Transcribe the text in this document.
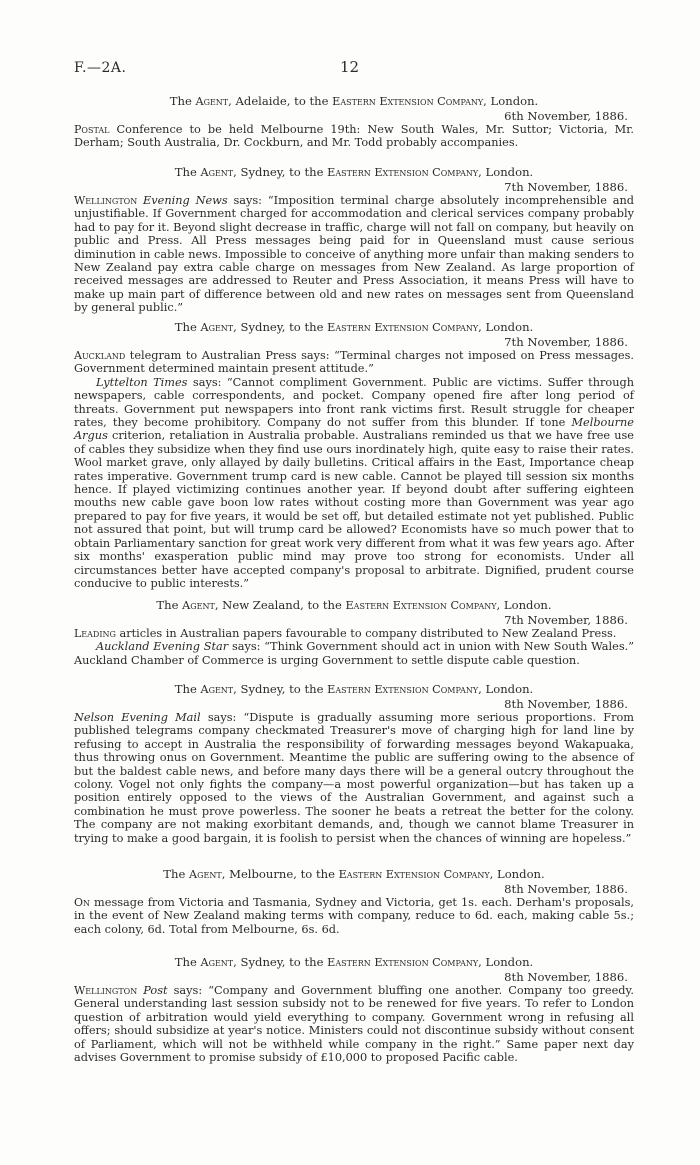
F.—2A.	12
The Agent, Adelaide, to the Eastern Extension Company, London.
6th November, 1886.

Postal Conference to be held Melbourne 19th: New South Wales, Mr. Suttor; Victoria, Mr. Derham; South Australia, Dr. Cockburn, and Mr. Todd probably accompanies.

The Agent, Sydney, to the Eastern Extension Company, London.
7th November, 1886.

Wellington Evening News says: “Imposition terminal charge absolutely incomprehensible and unjustifiable. If Government charged for accommodation and clerical services company probably had to pay for it. Beyond slight decrease in traffic, charge will not fall on company, but heavily on public and Press. All Press messages being paid for in Queensland must cause serious diminution in cable news. Impossible to conceive of anything more unfair than making senders to New Zealand pay extra cable charge on messages from New Zealand. As large proportion of received messages are addressed to Reuter and Press Association, it means Press will have to make up main part of difference between old and new rates on messages sent from Queensland by general public.”

The Agent, Sydney, to the Eastern Extension Company, London.
7th November, 1886.

Auckland telegram to Australian Press says: “Terminal charges not imposed on Press messages. Government determined maintain present attitude.”

Lyttelton Times says: “Cannot compliment Government. Public are victims. Suffer through newspapers, cable correspondents, and pocket. Company opened fire after long period of threats. Government put newspapers into front rank victims first. Result struggle for cheaper rates, they become prohibitory. Company do not suffer from this blunder. If tone Melbourne Argus criterion, retaliation in Australia probable. Australians reminded us that we have free use of cables they subsidize when they find use ours inordinately high, quite easy to raise their rates. Wool market grave, only allayed by daily bulletins. Critical affairs in the East, Importance cheap rates imperative. Government trump card is new cable. Cannot be played till session six months hence. If played victimizing continues another year. If beyond doubt after suffering eighteen mouths new cable gave boon low rates without costing more than Government was year ago prepared to pay for five years, it would be set off, but detailed estimate not yet published. Public not assured that point, but will trump card be allowed? Economists have so much power that to obtain Parliamentary sanction for great work very different from what it was few years ago. After six months' exasperation public mind may prove too strong for economists. Under all circumstances better have accepted company's proposal to arbitrate. Dignified, prudent course conducive to public interests.”

The Agent, New Zealand, to the Eastern Extension Company, London.
7th November, 1886.

Leading articles in Australian papers favourable to company distributed to New Zealand Press.

Auckland Evening Star says: “Think Government should act in union with New South Wales.” Auckland Chamber of Commerce is urging Government to settle dispute cable question.

The Agent, Sydney, to the Eastern Extension Company, London.
8th November, 1886.

Nelson Evening Mail says: “Dispute is gradually assuming more serious proportions. From published telegrams company checkmated Treasurer's move of charging high for land line by refusing to accept in Australia the responsibility of forwarding messages beyond Wakapuaka, thus throwing onus on Government. Meantime the public are suffering owing to the absence of but the baldest cable news, and before many days there will be a general outcry throughout the colony. Vogel not only fights the company—a most powerful organization—but has taken up a position entirely opposed to the views of the Australian Government, and against such a combination he must prove powerless. The sooner he beats a retreat the better for the colony. The company are not making exorbitant demands, and, though we cannot blame Treasurer in trying to make a good bargain, it is foolish to persist when the chances of winning are hopeless.”

The Agent, Melbourne, to the Eastern Extension Company, London.
8th November, 1886.

On message from Victoria and Tasmania, Sydney and Victoria, get 1s. each. Derham's proposals, in the event of New Zealand making terms with company, reduce to 6d. each, making cable 5s.; each colony, 6d. Total from Melbourne, 6s. 6d.

The Agent, Sydney, to the Eastern Extension Company, London.
8th November, 1886.

Wellington Post says: “Company and Government bluffing one another. Company too greedy. General understanding last session subsidy not to be renewed for five years. To refer to London question of arbitration would yield everything to company. Government wrong in refusing all offers; should subsidize at year's notice. Ministers could not discontinue subsidy without consent of Parliament, which will not be withheld while company in the right.” Same paper next day advises Government to promise subsidy of £10,000 to proposed Pacific cable.
